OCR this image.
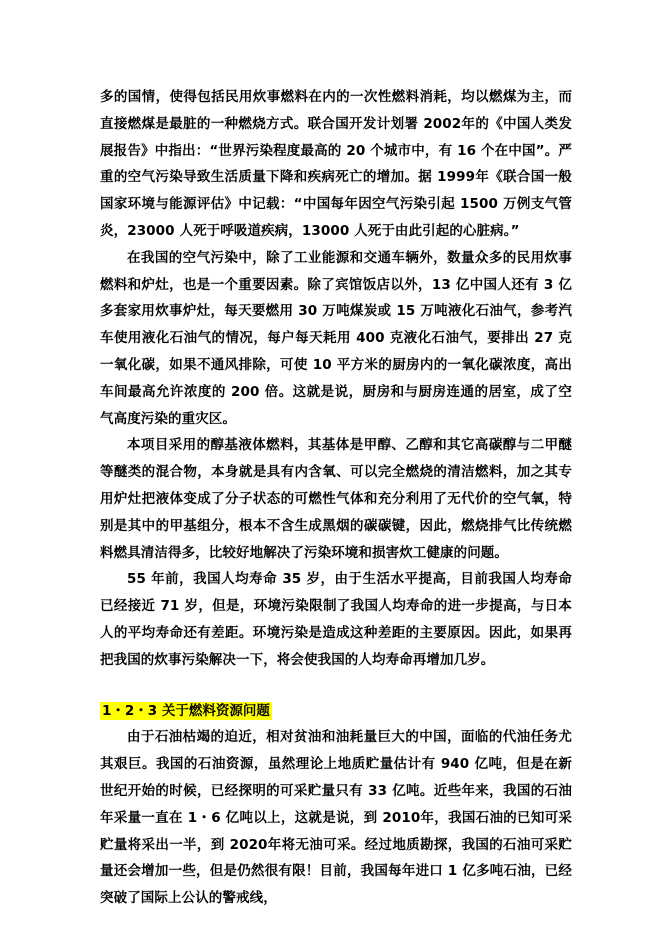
多的国情，使得包括民用炊事燃料在内的一次性燃料消耗，均以燃煤为主，而直接燃煤是最脏的一种燃烧方式。联合国开发计划署 2002年的《中国人类发展报告》中指出：“世界污染程度最高的 20 个城市中，有 16 个在中国”。严重的空气污染导致生活质量下降和疾病死亡的增加。据 1999年《联合国一般国家环境与能源评估》中记载：“中国每年因空气污染引起 1500 万例支气管炎，23000 人死于呼吸道疾病，13000 人死于由此引起的心脏病。”

在我国的空气污染中，除了工业能源和交通车辆外，数量众多的民用炊事燃料和炉灶，也是一个重要因素。除了宾馆饭店以外，13 亿中国人还有 3 亿多套家用炊事炉灶，每天要燃用 30 万吨煤炭或 15 万吨液化石油气，参考汽车使用液化石油气的情况，每户每天耗用 400 克液化石油气，要排出 27 克一氧化碳，如果不通风排除，可使 10 平方米的厨房内的一氧化碳浓度，高出车间最高允许浓度的 200 倍。这就是说，厨房和与厨房连通的居室，成了空气高度污染的重灾区。

本项目采用的醇基液体燃料，其基体是甲醇、乙醇和其它高碳醇与二甲醚等醚类的混合物，本身就是具有内含氧、可以完全燃烧的清洁燃料，加之其专用炉灶把液体变成了分子状态的可燃性气体和充分利用了无代价的空气氧，特别是其中的甲基组分，根本不含生成黑烟的碳碳键，因此，燃烧排气比传统燃料燃具清洁得多，比较好地解决了污染环境和损害炊工健康的问题。

55 年前，我国人均寿命 35 岁，由于生活水平提高，目前我国人均寿命已经接近 71 岁，但是，环境污染限制了我国人均寿命的进一步提高，与日本人的平均寿命还有差距。环境污染是造成这种差距的主要原因。因此，如果再把我国的炊事污染解决一下，将会使我国的人均寿命再增加几岁。

1・2・3 关于燃料资源问题

由于石油枯竭的迫近，相对贫油和油耗量巨大的中国，面临的代油任务尤其艰巨。我国的石油资源，虽然理论上地质贮量估计有 940 亿吨，但是在新世纪开始的时候，已经探明的可采贮量只有 33 亿吨。近些年来，我国的石油年采量一直在 1・6 亿吨以上，这就是说，到 2010年，我国石油的已知可采贮量将采出一半，到 2020年将无油可采。经过地质勘探，我国的石油可采贮量还会增加一些，但是仍然很有限！目前，我国每年进口 1 亿多吨石油，已经突破了国际上公认的警戒线，
